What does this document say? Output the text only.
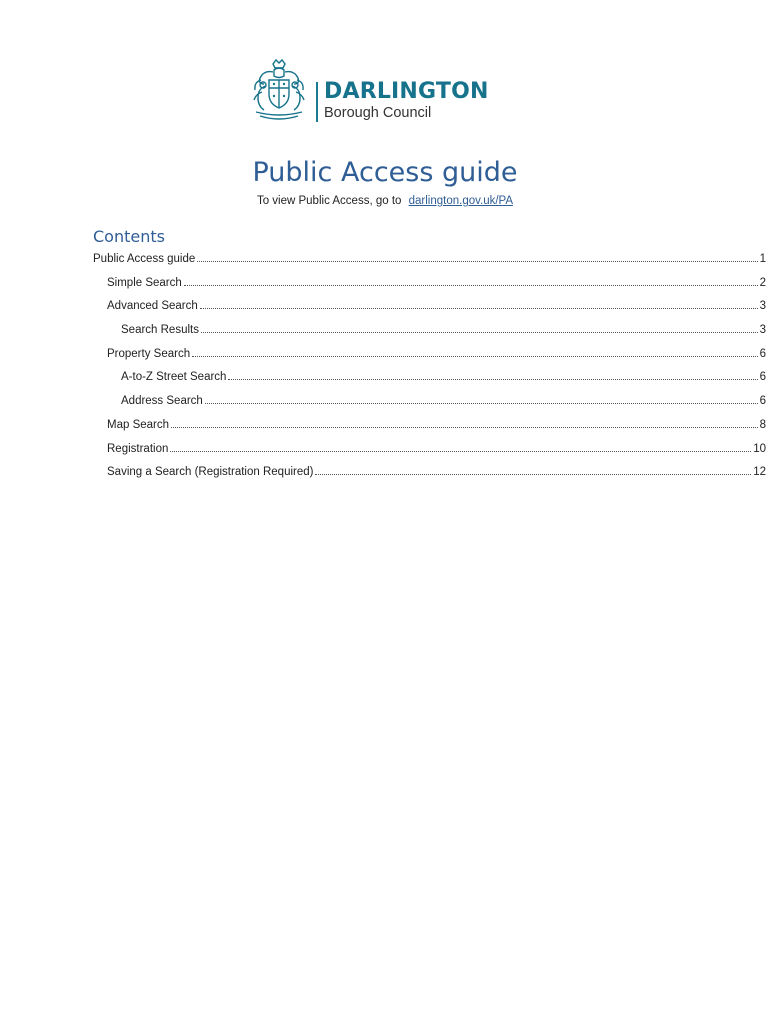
DARLINGTON
Borough Council
Public Access guide
To view Public Access, go to darlington.gov.uk/PA
Contents
Public Access guide	1
Simple Search	2
Advanced Search	3
Search Results	3
Property Search	6
A-to-Z Street Search	6
Address Search	6
Map Search	8
Registration	10
Saving a Search (Registration Required)	12
